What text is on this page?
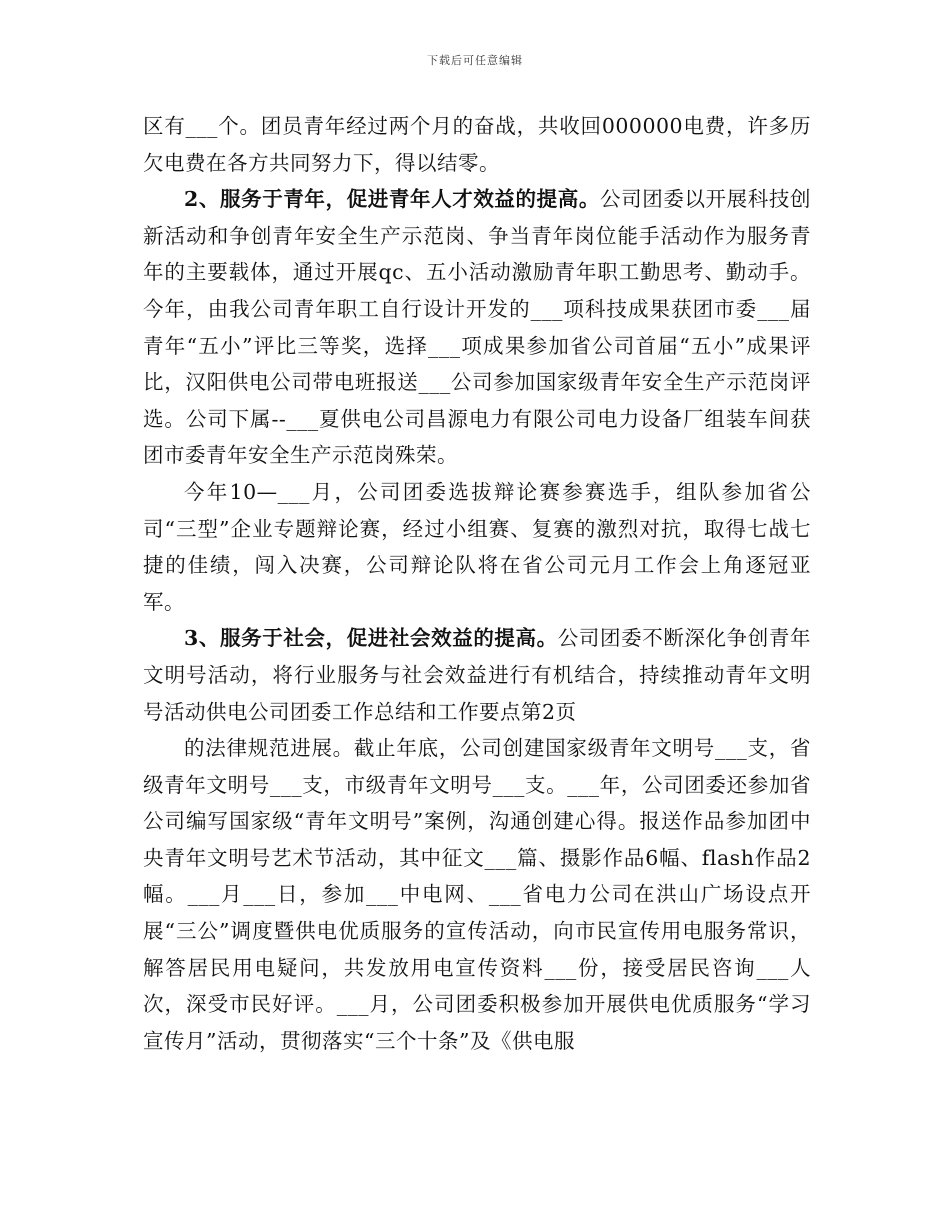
下载后可任意编辑

区有___个。团员青年经过两个月的奋战，共收回000000电费，许多历欠电费在各方共同努力下，得以结零。

2、服务于青年，促进青年人才效益的提高。公司团委以开展科技创新活动和争创青年安全生产示范岗、争当青年岗位能手活动作为服务青年的主要载体，通过开展qc、五小活动激励青年职工勤思考、勤动手。今年，由我公司青年职工自行设计开发的___项科技成果获团市委___届青年“五小”评比三等奖，选择___项成果参加省公司首届“五小”成果评比，汉阳供电公司带电班报送___公司参加国家级青年安全生产示范岗评选。公司下属--___夏供电公司昌源电力有限公司电力设备厂组装车间获团市委青年安全生产示范岗殊荣。

今年10—___月，公司团委选拔辩论赛参赛选手，组队参加省公司“三型”企业专题辩论赛，经过小组赛、复赛的激烈对抗，取得七战七捷的佳绩，闯入决赛，公司辩论队将在省公司元月工作会上角逐冠亚军。

3、服务于社会，促进社会效益的提高。公司团委不断深化争创青年文明号活动，将行业服务与社会效益进行有机结合，持续推动青年文明号活动供电公司团委工作总结和工作要点第2页

的法律规范进展。截止年底，公司创建国家级青年文明号___支，省级青年文明号___支，市级青年文明号___支。___年，公司团委还参加省公司编写国家级“青年文明号”案例，沟通创建心得。报送作品参加团中央青年文明号艺术节活动，其中征文___篇、摄影作品6幅、flash作品2幅。___月___日，参加___中电网、___省电力公司在洪山广场设点开展“三公”调度暨供电优质服务的宣传活动，向市民宣传用电服务常识，解答居民用电疑问，共发放用电宣传资料___份，接受居民咨询___人次，深受市民好评。___月，公司团委积极参加开展供电优质服务“学习宣传月”活动，贯彻落实“三个十条”及《供电服
